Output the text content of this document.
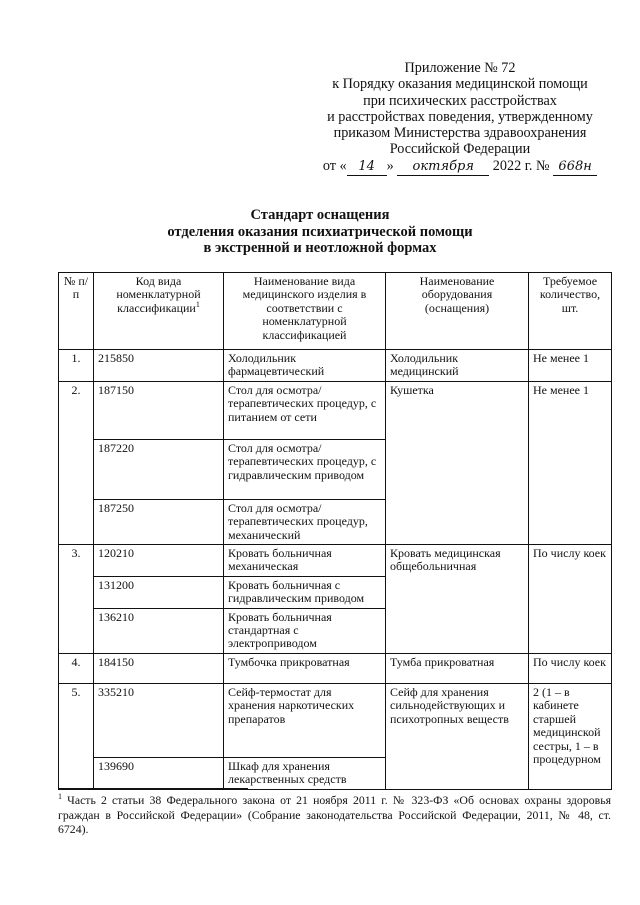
Приложение № 72
к Порядку оказания медицинской помощи
при психических расстройствах
и расстройствах поведения, утвержденному
приказом Министерства здравоохранения
Российской Федерации
от « 14 » октября 2022 г. № 668н
Стандарт оснащения
отделения оказания психиатрической помощи
в экстренной и неотложной формах
№ п/п	Код вида номенклатурной классификации$^1$	Наименование вида медицинского изделия в соответствии с номенклатурной классификацией	Наименование оборудования (оснащения)	Требуемое количество, шт.
1.	215850	Холодильник фармацевтический	Холодильник медицинский	Не менее 1
2.	187150	Стол для осмотра/терапевтических процедур, с питанием от сети	Кушетка	Не менее 1
	187220	Стол для осмотра/терапевтических процедур, с гидравлическим приводом		
	187250	Стол для осмотра/терапевтических процедур, механический		
3.	120210	Кровать больничная механическая	Кровать медицинская общебольничная	По числу коек
	131200	Кровать больничная с гидравлическим приводом		
	136210	Кровать больничная стандартная с электроприводом		
4.	184150	Тумбочка прикроватная	Тумба прикроватная	По числу коек
5.	335210	Сейф-термостат для хранения наркотических препаратов	Сейф для хранения сильнодействующих и психотропных веществ	2 (1 – в кабинете старшей медицинской сестры, 1 – в процедурном
	139690	Шкаф для хранения лекарственных средств		
$^1$ Часть 2 статьи 38 Федерального закона от 21 ноября 2011 г. № 323-ФЗ «Об основах охраны здоровья граждан в Российской Федерации» (Собрание законодательства Российской Федерации, 2011, № 48, ст. 6724).
